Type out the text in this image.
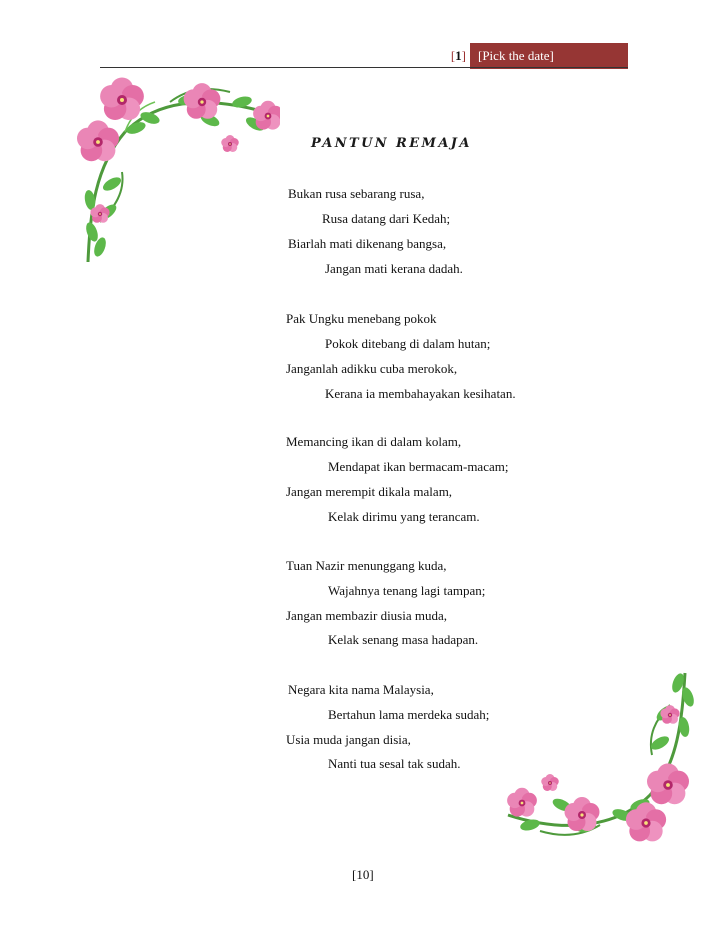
[1] [Pick the date]
PANTUN REMAJA
Bukan rusa sebarang rusa,
Rusa datang dari Kedah;
Biarlah mati dikenang bangsa,
Jangan mati kerana dadah.
Pak Ungku menebang pokok
Pokok ditebang di dalam hutan;
Janganlah adikku cuba merokok,
Kerana ia membahayakan kesihatan.
Memancing ikan di dalam kolam,
Mendapat ikan bermacam-macam;
Jangan merempit dikala malam,
Kelak dirimu yang terancam.
Tuan Nazir menunggang kuda,
Wajahnya tenang lagi tampan;
Jangan membazir diusia muda,
Kelak senang masa hadapan.
Negara kita nama Malaysia,
Bertahun lama merdeka sudah;
Usia muda jangan disia,
Nanti tua sesal tak sudah.
[10]
